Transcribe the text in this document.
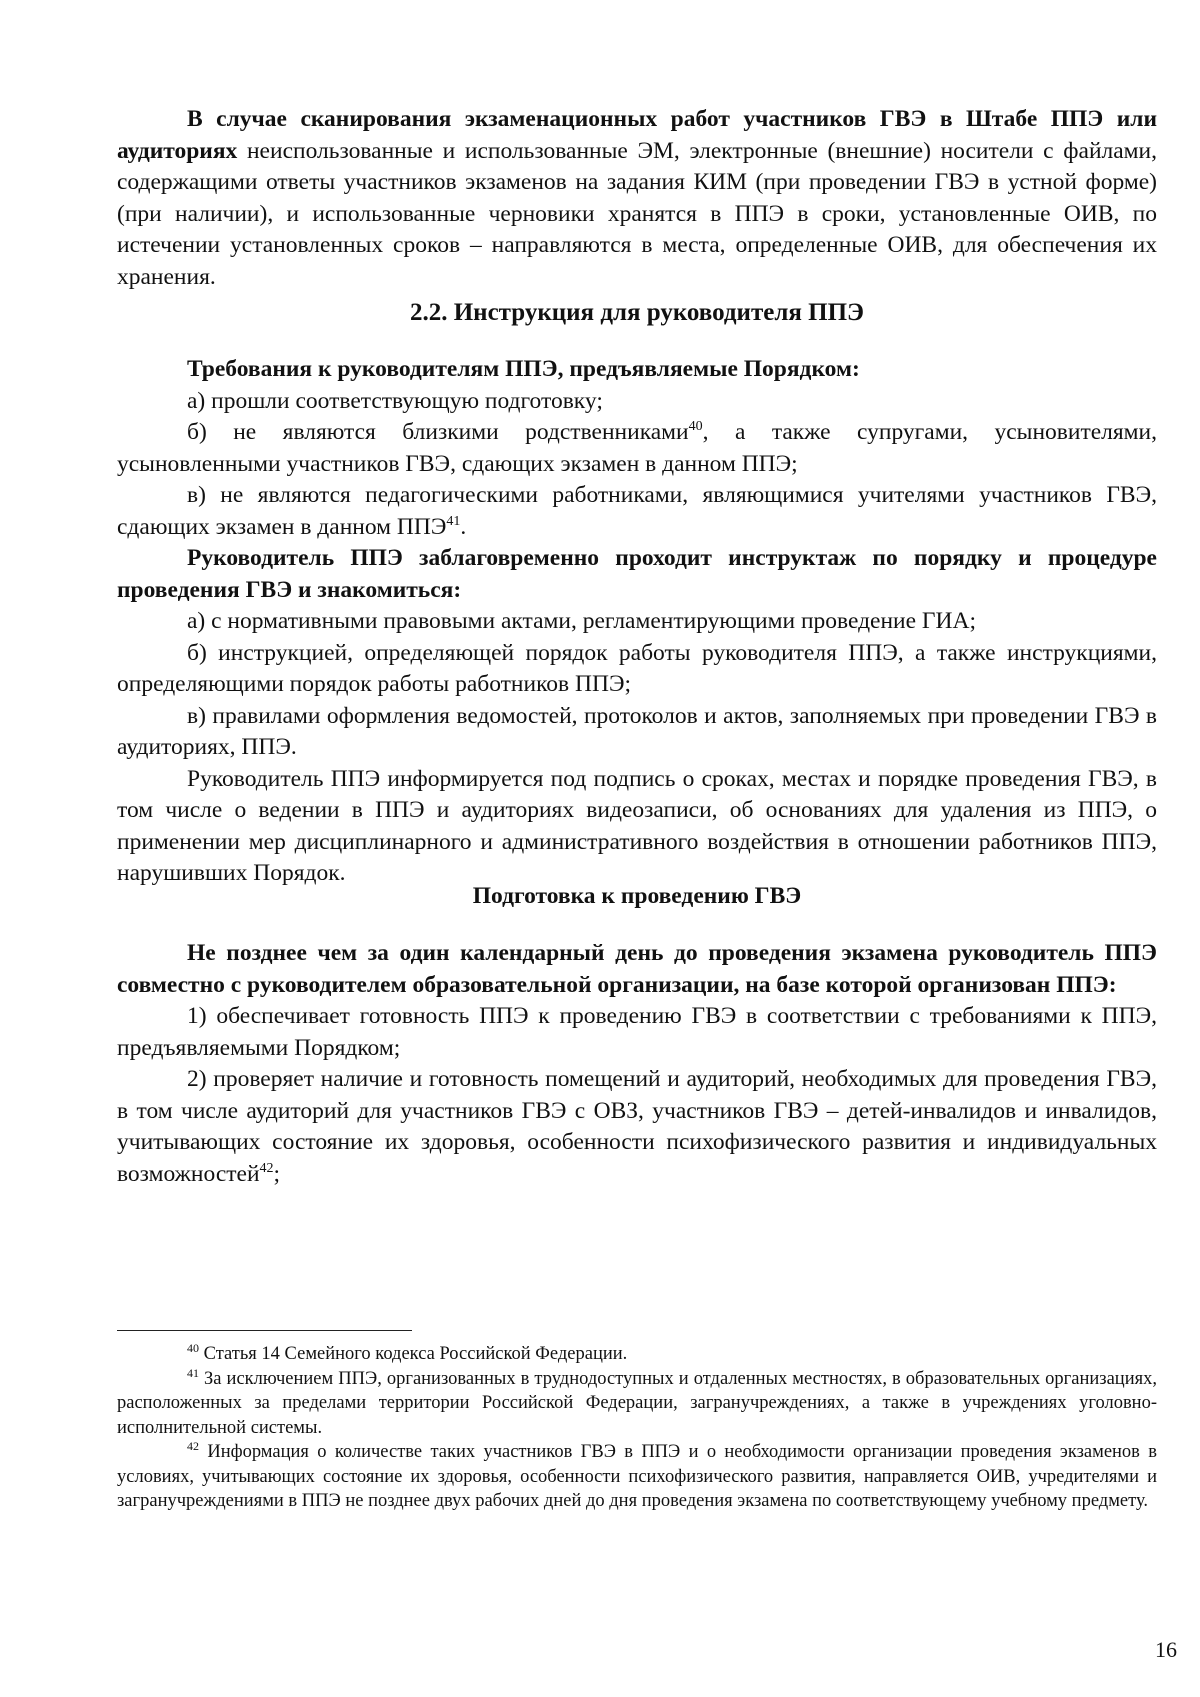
В случае сканирования экзаменационных работ участников ГВЭ в Штабе ППЭ или аудиториях неиспользованные и использованные ЭМ, электронные (внешние) носители с файлами, содержащими ответы участников экзаменов на задания КИМ (при проведении ГВЭ в устной форме) (при наличии), и использованные черновики хранятся в ППЭ в сроки, установленные ОИВ, по истечении установленных сроков – направляются в места, определенные ОИВ, для обеспечения их хранения.

2.2. Инструкция для руководителя ППЭ

Требования к руководителям ППЭ, предъявляемые Порядком:

а) прошли соответствующую подготовку;

б) не являются близкими родственниками$^{40}$, а также супругами, усыновителями, усыновленными участников ГВЭ, сдающих экзамен в данном ППЭ;

в) не являются педагогическими работниками, являющимися учителями участников ГВЭ, сдающих экзамен в данном ППЭ$^{41}$.

Руководитель ППЭ заблаговременно проходит инструктаж по порядку и процедуре проведения ГВЭ и знакомиться:

а) с нормативными правовыми актами, регламентирующими проведение ГИА;

б) инструкцией, определяющей порядок работы руководителя ППЭ, а также инструкциями, определяющими порядок работы работников ППЭ;

в) правилами оформления ведомостей, протоколов и актов, заполняемых при проведении ГВЭ в аудиториях, ППЭ.

Руководитель ППЭ информируется под подпись о сроках, местах и порядке проведения ГВЭ, в том числе о ведении в ППЭ и аудиториях видеозаписи, об основаниях для удаления из ППЭ, о применении мер дисциплинарного и административного воздействия в отношении работников ППЭ, нарушивших Порядок.

Подготовка к проведению ГВЭ

Не позднее чем за один календарный день до проведения экзамена руководитель ППЭ совместно с руководителем образовательной организации, на базе которой организован ППЭ:

1) обеспечивает готовность ППЭ к проведению ГВЭ в соответствии с требованиями к ППЭ, предъявляемыми Порядком;

2) проверяет наличие и готовность помещений и аудиторий, необходимых для проведения ГВЭ, в том числе аудиторий для участников ГВЭ с ОВЗ, участников ГВЭ – детей-инвалидов и инвалидов, учитывающих состояние их здоровья, особенности психофизического развития и индивидуальных возможностей$^{42}$;

$^{40}$ Статья 14 Семейного кодекса Российской Федерации.

$^{41}$ За исключением ППЭ, организованных в труднодоступных и отдаленных местностях, в образовательных организациях, расположенных за пределами территории Российской Федерации, загранучреждениях, а также в учреждениях уголовно-исполнительной системы.

$^{42}$ Информация о количестве таких участников ГВЭ в ППЭ и о необходимости организации проведения экзаменов в условиях, учитывающих состояние их здоровья, особенности психофизического развития, направляется ОИВ, учредителями и загранучреждениями в ППЭ не позднее двух рабочих дней до дня проведения экзамена по соответствующему учебному предмету.

16
